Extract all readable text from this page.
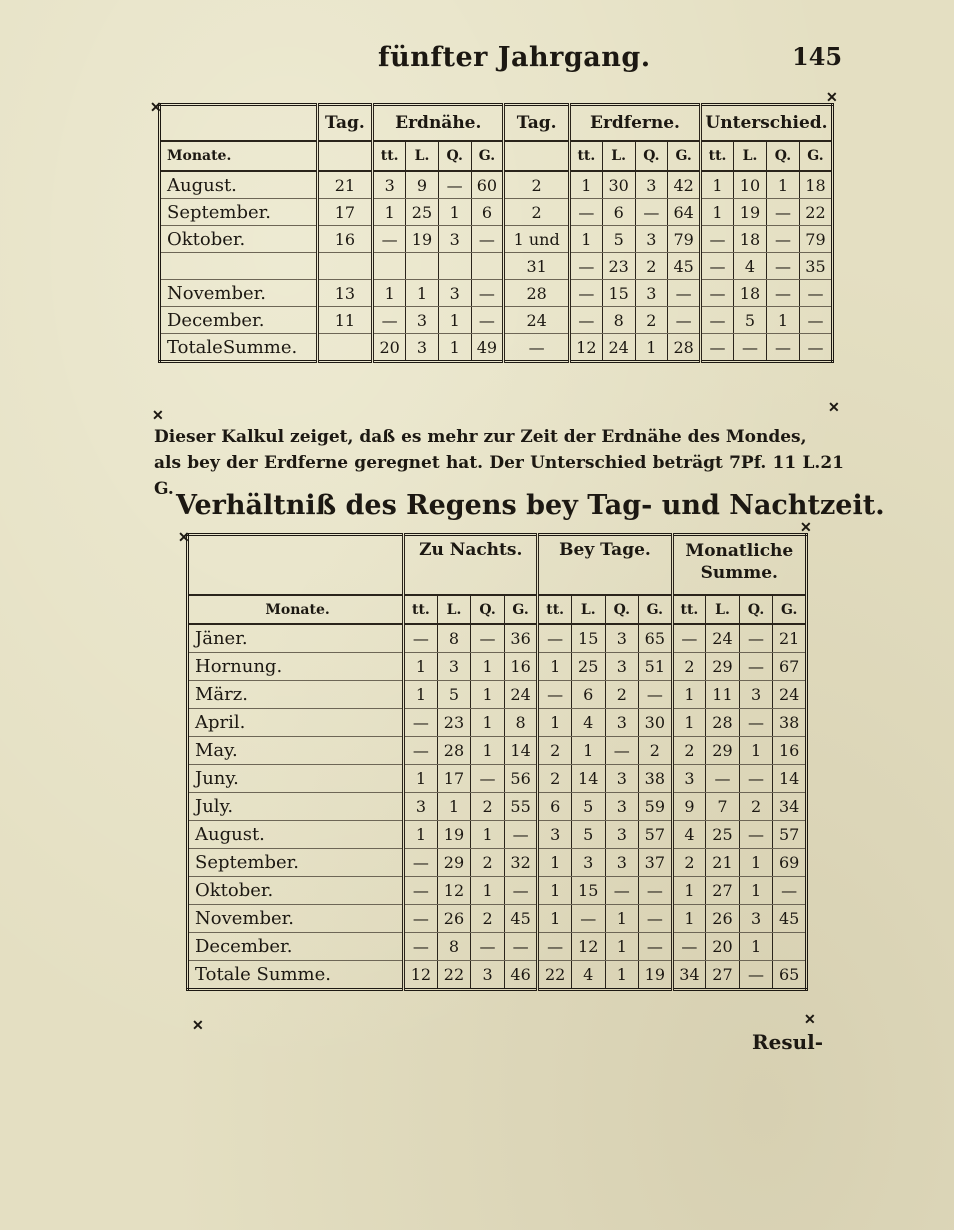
fünfter Jahrgang.	145
✕
✕
✕	✕
	Tag.	Erdnähe.				Tag.	Erdferne.				Unterschied.			
Monate.		tt.	L.	Q.	G.		tt.	L.	Q.	G.	tt.	L.	Q.	G.
August.	21	3	9	—	60	2	1	30	3	42	1	10	1	18
September.	17	1	25	1	6	2	—	6	—	64	1	19	—	22
Oktober.	16	—	19	3	—	1 und	1	5	3	79	—	18	—	79
						31	—	23	2	45	—	4	—	35
November.	13	1	1	3	—	28	—	15	3	—	—	18	—	—
December.	11	—	3	1	—	24	—	8	2	—	—	5	1	—
TotaleSumme.		20	3	1	49	—	12	24	1	28	—	—	—	—

Dieser Kalkul zeiget, daß es mehr zur Zeit der Erdnähe des Mondes,

als bey der Erdferne geregnet hat. Der Unterschied beträgt 7Pf. 11 L.21 G.

Verhältniß des Regens bey Tag- und Nachtzeit.
✕
✕
✕	✕
	Zu Nachts.				Bey Tage.				Monatliche Summe.			
Monate.	tt.	L.	Q.	G.	tt.	L.	Q.	G.	tt.	L.	Q.	G.
Jäner.	—	8	—	36	—	15	3	65	—	24	—	21
Hornung.	1	3	1	16	1	25	3	51	2	29	—	67
März.	1	5	1	24	—	6	2	—	1	11	3	24
April.	—	23	1	8	1	4	3	30	1	28	—	38
May.	—	28	1	14	2	1	—	2	2	29	1	16
Juny.	1	17	—	56	2	14	3	38	3	—	—	14
July.	3	1	2	55	6	5	3	59	9	7	2	34
August.	1	19	1	—	3	5	3	57	4	25	—	57
September.	—	29	2	32	1	3	3	37	2	21	1	69
Oktober.	—	12	1	—	1	15	—	—	1	27	1	—
November.	—	26	2	45	1	—	1	—	1	26	3	45
December.	—	8	—	—	—	12	1	—	—	20	1	
Totale Summe.	12	22	3	46	22	4	1	19	34	27	—	65
Resul-
